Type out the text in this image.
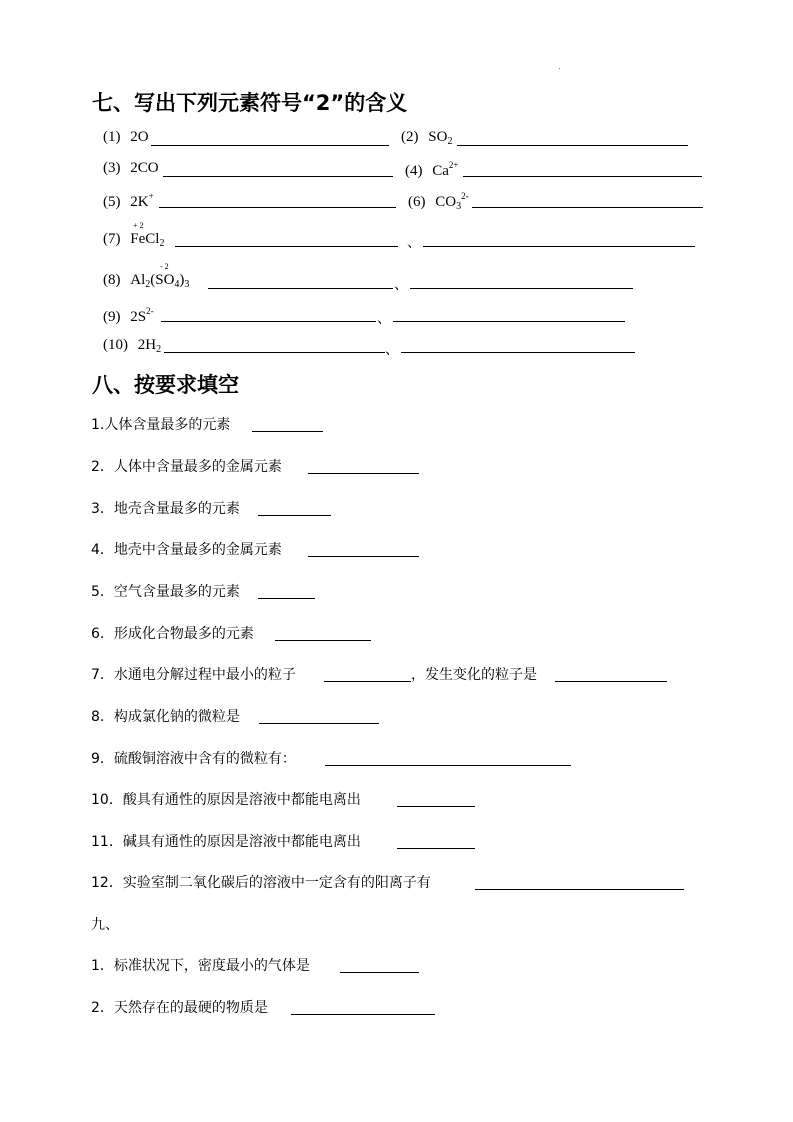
七、写出下列元素符号“2”的含义
(1) 2O	(2) $SO_2$
(3) 2CO	(4) $Ca^{2+}$
(5) 2K+	(6) $CO_3^{2-}$
+ 2
(7) FeCl$_2$	、
- 2
(8) $Al_2(SO_4)_3$	、
(9) $2S^{2-}$	、
(10) $2H_2$	、
八、按要求填空
1.人体含量最多的元素
2．人体中含量最多的金属元素
3．地壳含量最多的元素
4．地壳中含量最多的金属元素
5．空气含量最多的元素
6．形成化合物最多的元素
7．水通电分解过程中最小的粒子	，发生变化的粒子是
8．构成氯化钠的微粒是
9．硫酸铜溶液中含有的微粒有：
10．酸具有通性的原因是溶液中都能电离出
11．碱具有通性的原因是溶液中都能电离出
12．实验室制二氧化碳后的溶液中一定含有的阳离子有
九、
1．标准状况下，密度最小的气体是
2．天然存在的最硬的物质是
